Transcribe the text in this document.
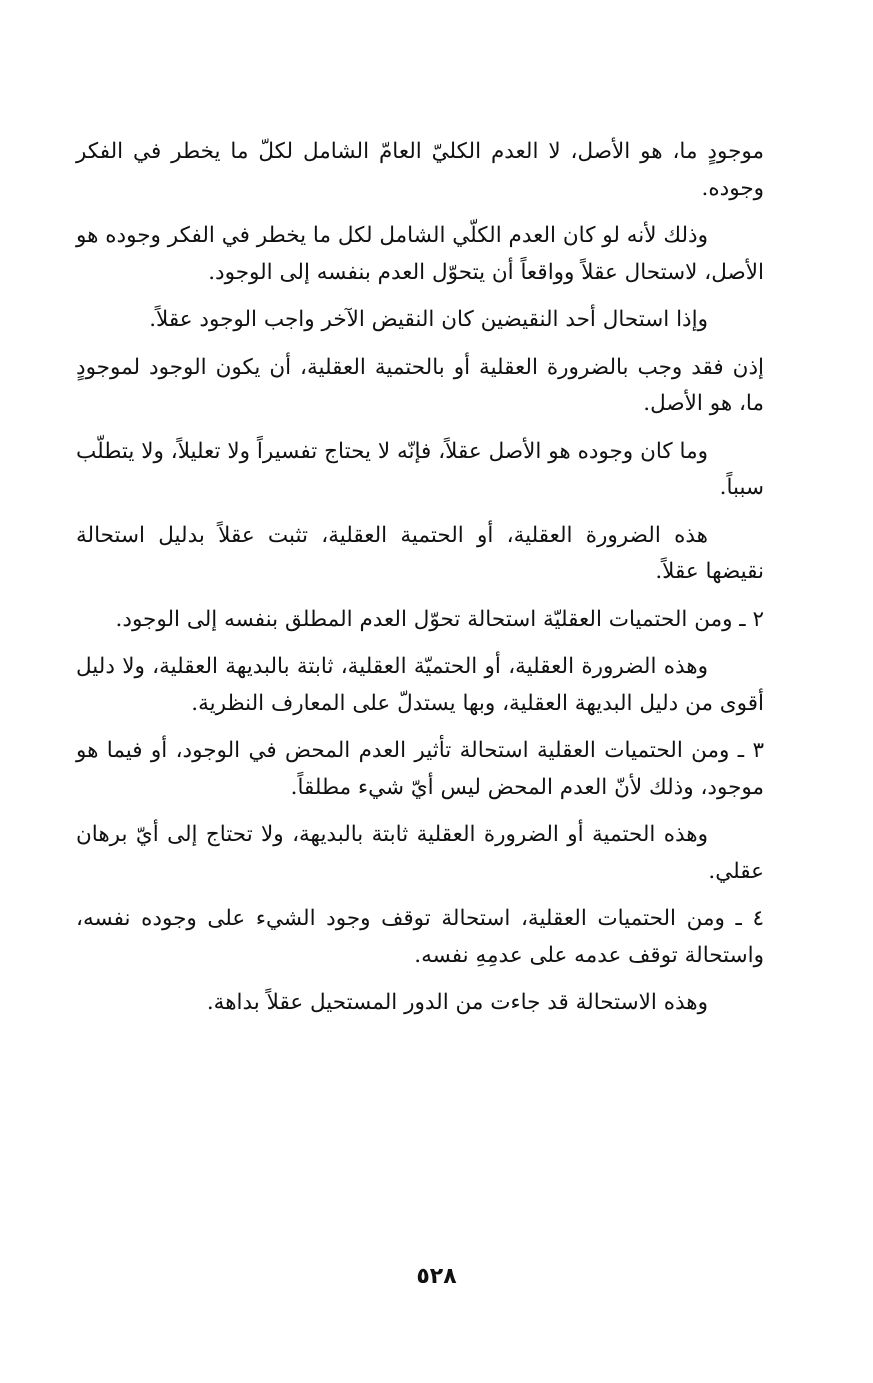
موجودٍ ما، هو الأصل، لا العدم الكليّ العامّ الشامل لكلّ ما يخطر في الفكر وجوده.

وذلك لأنه لو كان العدم الكلّي الشامل لكل ما يخطر في الفكر وجوده هو الأصل، لاستحال عقلاً وواقعاً أن يتحوّل العدم بنفسه إلى الوجود.

وإذا استحال أحد النقيضين كان النقيض الآخر واجب الوجود عقلاً.

إذن فقد وجب بالضرورة العقلية أو بالحتمية العقلية، أن يكون الوجود لموجودٍ ما، هو الأصل.

وما كان وجوده هو الأصل عقلاً، فإنّه لا يحتاج تفسيراً ولا تعليلاً، ولا يتطلّب سبباً.

هذه الضرورة العقلية، أو الحتمية العقلية، تثبت عقلاً بدليل استحالة نقيضها عقلاً.

٢ ـ ومن الحتميات العقليّة استحالة تحوّل العدم المطلق بنفسه إلى الوجود.

وهذه الضرورة العقلية، أو الحتميّة العقلية، ثابتة بالبديهة العقلية، ولا دليل أقوى من دليل البديهة العقلية، وبها يستدلّ على المعارف النظرية.

٣ ـ ومن الحتميات العقلية استحالة تأثير العدم المحض في الوجود، أو فيما هو موجود، وذلك لأنّ العدم المحض ليس أيّ شيء مطلقاً.

وهذه الحتمية أو الضرورة العقلية ثابتة بالبديهة، ولا تحتاج إلى أيّ برهان عقلي.

٤ ـ ومن الحتميات العقلية، استحالة توقف وجود الشيء على وجوده نفسه، واستحالة توقف عدمه على عدمِهِ نفسه.

وهذه الاستحالة قد جاءت من الدور المستحيل عقلاً بداهة.

٥٢٨
